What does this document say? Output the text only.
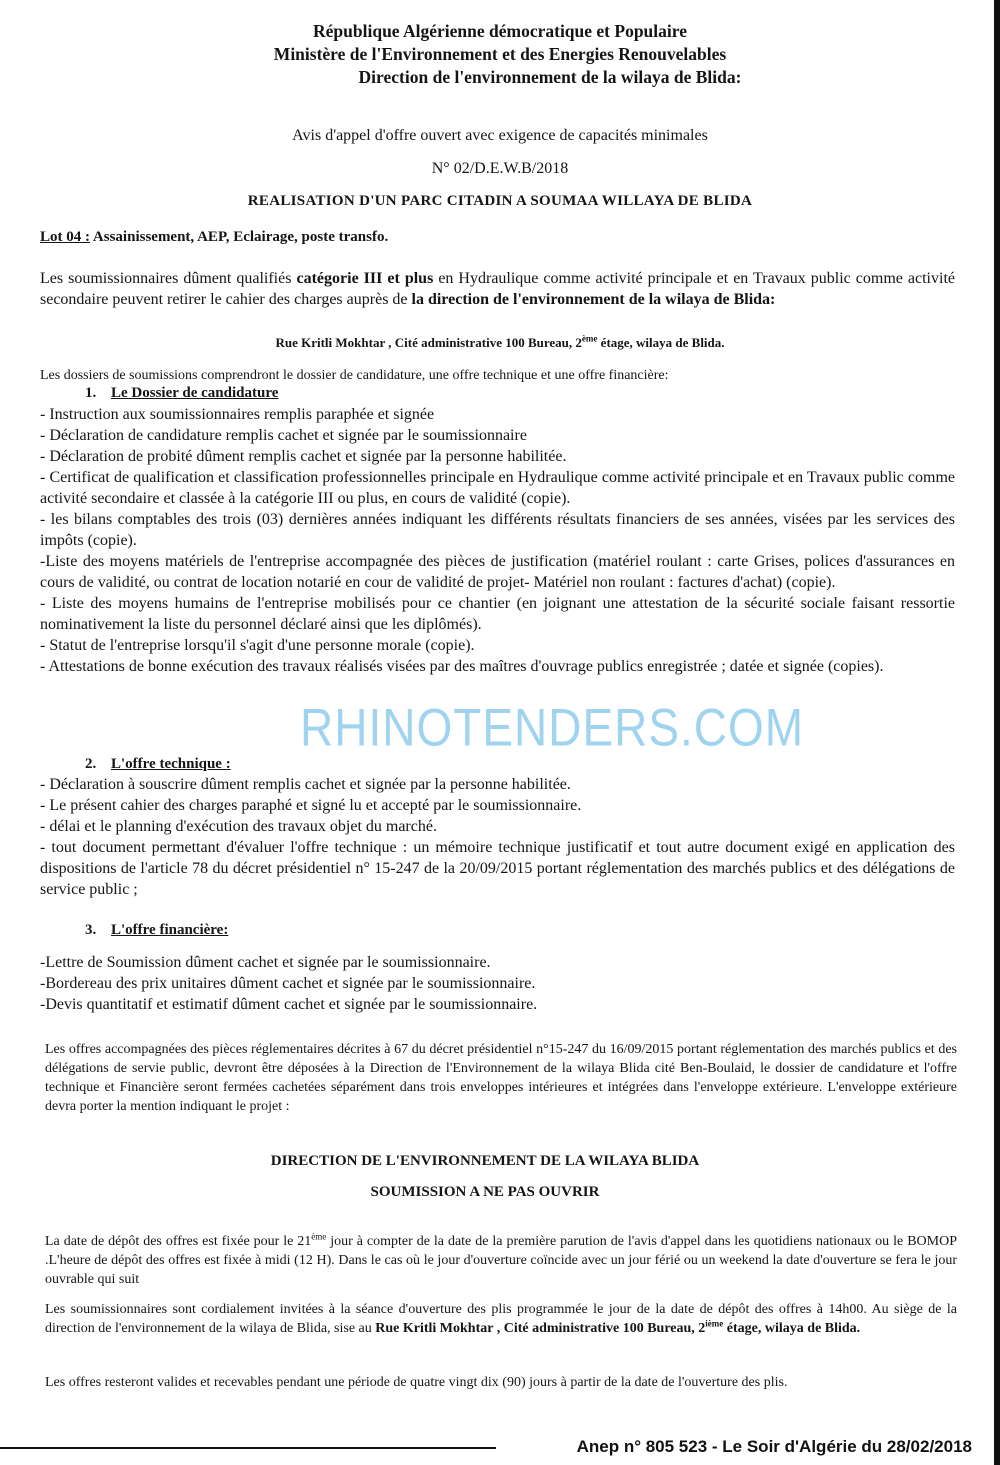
République Algérienne démocratique et Populaire
Ministère de l'Environnement et des Energies Renouvelables
Direction de l'environnement de la wilaya de Blida:
Avis d'appel d'offre ouvert avec exigence de capacités minimales
N° 02/D.E.W.B/2018
REALISATION D'UN PARC CITADIN A SOUMAA WILLAYA DE BLIDA
Lot 04 : Assainissement, AEP, Eclairage, poste transfo.
Les soumissionnaires dûment qualifiés catégorie III et plus en Hydraulique comme activité principale et en Travaux public comme activité secondaire peuvent retirer le cahier des charges auprès de la direction de l'environnement de la wilaya de Blida:
Rue Kritli Mokhtar , Cité administrative 100 Bureau, 2ème étage, wilaya de Blida.
Les dossiers de soumissions comprendront le dossier de candidature, une offre technique et une offre financière:
1. Le Dossier de candidature
- Instruction aux soumissionnaires remplis paraphée et signée
- Déclaration de candidature remplis cachet et signée par le soumissionnaire
- Déclaration de probité dûment remplis cachet et signée par la personne habilitée.
- Certificat de qualification et classification professionnelles principale en Hydraulique comme activité principale et en Travaux public comme activité secondaire et classée à la catégorie III ou plus, en cours de validité (copie).
- les bilans comptables des trois (03) dernières années indiquant les différents résultats financiers de ses années, visées par les services des impôts (copie).
-Liste des moyens matériels de l'entreprise accompagnée des pièces de justification (matériel roulant : carte Grises, polices d'assurances en cours de validité, ou contrat de location notarié en cour de validité de projet- Matériel non roulant : factures d'achat) (copie).
- Liste des moyens humains de l'entreprise mobilisés pour ce chantier (en joignant une attestation de la sécurité sociale faisant ressortie nominativement la liste du personnel déclaré ainsi que les diplômés).
- Statut de l'entreprise lorsqu'il s'agit d'une personne morale (copie).
- Attestations de bonne exécution des travaux réalisés visées par des maîtres d'ouvrage publics enregistrée ; datée et signée (copies).
2. L'offre technique :
- Déclaration à souscrire dûment remplis cachet et signée par la personne habilitée.
- Le présent cahier des charges paraphé et signé lu et accepté par le soumissionnaire.
- délai et le planning d'exécution des travaux objet du marché.
- tout document permettant d'évaluer l'offre technique : un mémoire technique justificatif et tout autre document exigé en application des dispositions de l'article 78 du décret présidentiel n° 15-247 de la 20/09/2015 portant réglementation des marchés publics et des délégations de service public ;
3. L'offre financière:
-Lettre de Soumission dûment cachet et signée par le soumissionnaire.
-Bordereau des prix unitaires dûment cachet et signée par le soumissionnaire.
-Devis quantitatif et estimatif dûment cachet et signée par le soumissionnaire.
Les offres accompagnées des pièces réglementaires décrites à 67 du décret présidentiel n°15-247 du 16/09/2015 portant réglementation des marchés publics et des délégations de servie public, devront être déposées à la Direction de l'Environnement de la wilaya Blida cité Ben-Boulaid, le dossier de candidature et l'offre technique et Financière seront fermées cachetées séparément dans trois enveloppes intérieures et intégrées dans l'enveloppe extérieure. L'enveloppe extérieure devra porter la mention indiquant le projet :
DIRECTION DE L'ENVIRONNEMENT DE LA WILAYA BLIDA
SOUMISSION A NE PAS OUVRIR
La date de dépôt des offres est fixée pour le 21ème jour à compter de la date de la première parution de l'avis d'appel dans les quotidiens nationaux ou le BOMOP .L'heure de dépôt des offres est fixée à midi (12 H). Dans le cas où le jour d'ouverture coïncide avec un jour férié ou un weekend la date d'ouverture se fera le jour ouvrable qui suit
Les soumissionnaires sont cordialement invitées à la séance d'ouverture des plis programmée le jour de la date de dépôt des offres à 14h00. Au siège de la direction de l'environnement de la wilaya de Blida, sise au Rue Kritli Mokhtar , Cité administrative 100 Bureau, 2ième étage, wilaya de Blida.
Les offres resteront valides et recevables pendant une période de quatre vingt dix (90) jours à partir de la date de l'ouverture des plis.
RHINOTENDERS.COM
Anep n° 805 523 - Le Soir d'Algérie du 28/02/2018
